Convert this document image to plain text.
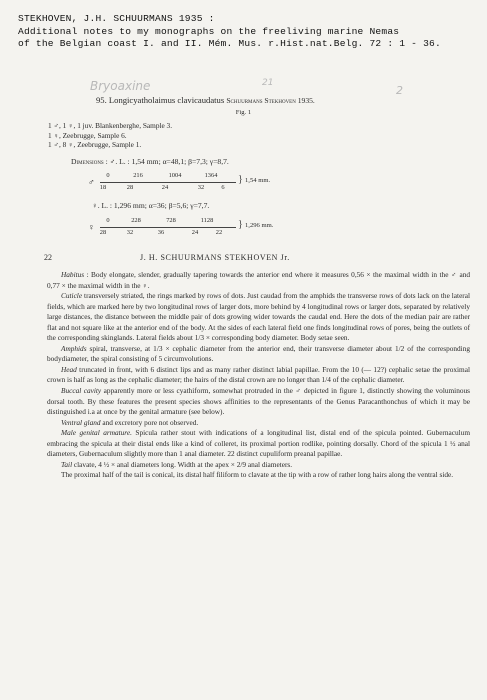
STEKHOVEN, J.H. SCHUURMANS 1935 :
Additional notes to my monographs on the freeliving marine Nemas
of the Belgian coast I. and II. Mém. Mus. r.Hist.nat.Belg. 72 : 1 - 36.
Bryoaxine	21
2
95. Longicyatholaimus clavicaudatus Schuurmans Stekhoven 1935.
Fig. 1
1 ♂, 1 ♀, 1 juv. Blankenberghe, Sample 3.
1 ♀, Zeebrugge, Sample 6.
1 ♂, 8 ♀, Zeebrugge, Sample 1.
Dimensions : ♂. L. : 1,54 mm; α=48,1; β=7,3; γ=8,7.
♂
0	216	1004	1364
18	28	24	32	6
} 1,54 mm.
♀. L. : 1,296 mm; α=36; β=5,6; γ=7,7.
♀
0	228	728	1128
28	32	36	24	22
} 1,296 mm.
22	J. H. SCHUURMANS STEKHOVEN Jr.

Habitus : Body elongate, slender, gradually tapering towards the anterior end where it measures 0,56 × the maximal width in the ♂ and 0,77 × the maximal width in the ♀.

Cuticle transversely striated, the rings marked by rows of dots. Just caudad from the amphids the transverse rows of dots lack on the lateral fields, which are marked here by two longitudinal rows of larger dots, more behind by 4 longitudinal rows or larger dots, separated by relatively large distances, the distance between the middle pair of dots growing wider towards the caudal end. Here the dots of the median pair are rather flat and not square like at the anterior end of the body. At the sides of each lateral field one finds longitudinal rows of pores, being the outlets of the corresponding skinglands. Lateral fields about 1/3 × corresponding body diameter. Body setae seen.

Amphids spiral, transverse, at 1/3 × cephalic diameter from the anterior end, their transverse diameter about 1/2 of the corresponding bodydiameter, the spiral consisting of 5 circumvolutions.

Head truncated in front, with 6 distinct lips and as many rather distinct labial papillae. From the 10 (— 12?) cephalic setae the proximal crown is half as long as the cephalic diameter; the hairs of the distal crown are no longer than 1/4 of the cephalic diameter.

Buccal cavity apparently more or less cyathiform, somewhat protruded in the ♂ depicted in figure 1, distinctly showing the voluminous dorsal tooth. By these features the present species shows affinities to the representants of the Genus Paracanthonchus of which it may be distinguished i.a at once by the genital armature (see below).

Ventral gland and excretory pore not observed.

Male genital armature. Spicula rather stout with indications of a longitudinal list, distal end of the spicula pointed. Gubernaculum embracing the spicula at their distal ends like a kind of colleret, its proximal portion rodlike, pointing dorsally. Chord of the spicula 1 ½ anal diameters, Gubernaculum slightly more than 1 anal diameter. 22 distinct cupuliform preanal papillae.

Tail clavate, 4 ½ × anal diameters long. Width at the apex × 2/9 anal diameters.

The proximal half of the tail is conical, its distal half filiform to clavate at the tip with a row of rather long hairs along the ventral side.
